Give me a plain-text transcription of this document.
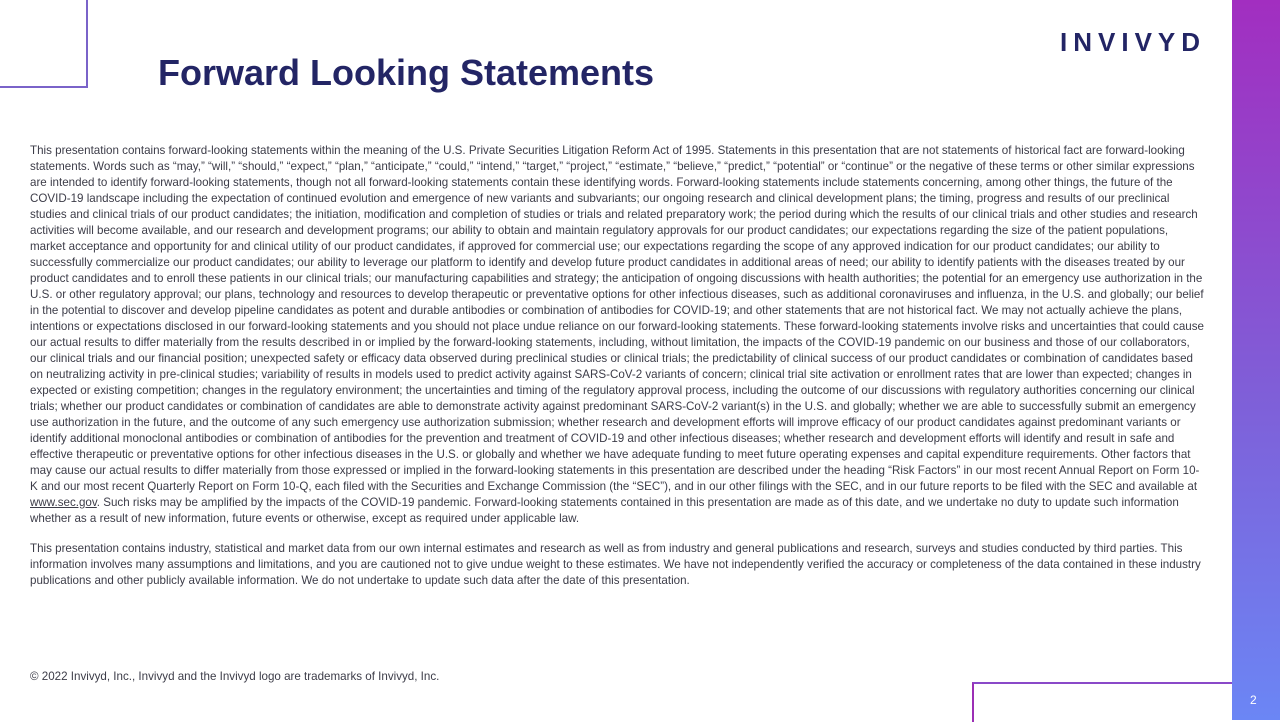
INVIVYD
Forward Looking Statements

This presentation contains forward-looking statements within the meaning of the U.S. Private Securities Litigation Reform Act of 1995. Statements in this presentation that are not statements of historical fact are forward-looking statements. Words such as “may,” “will,” “should,” “expect,” “plan,” “anticipate,” “could,” “intend,” “target,” “project,” “estimate,” “believe,” “predict,” “potential” or “continue” or the negative of these terms or other similar expressions are intended to identify forward-looking statements, though not all forward-looking statements contain these identifying words. Forward-looking statements include statements concerning, among other things, the future of the COVID-19 landscape including the expectation of continued evolution and emergence of new variants and subvariants; our ongoing research and clinical development plans; the timing, progress and results of our preclinical studies and clinical trials of our product candidates; the initiation, modification and completion of studies or trials and related preparatory work; the period during which the results of our clinical trials and other studies and research activities will become available, and our research and development programs; our ability to obtain and maintain regulatory approvals for our product candidates; our expectations regarding the size of the patient populations, market acceptance and opportunity for and clinical utility of our product candidates, if approved for commercial use; our expectations regarding the scope of any approved indication for our product candidates; our ability to successfully commercialize our product candidates; our ability to leverage our platform to identify and develop future product candidates in additional areas of need; our ability to identify patients with the diseases treated by our product candidates and to enroll these patients in our clinical trials; our manufacturing capabilities and strategy; the anticipation of ongoing discussions with health authorities; the potential for an emergency use authorization in the U.S. or other regulatory approval; our plans, technology and resources to develop therapeutic or preventative options for other infectious diseases, such as additional coronaviruses and influenza, in the U.S. and globally; our belief in the potential to discover and develop pipeline candidates as potent and durable antibodies or combination of antibodies for COVID-19; and other statements that are not historical fact. We may not actually achieve the plans, intentions or expectations disclosed in our forward-looking statements and you should not place undue reliance on our forward-looking statements. These forward-looking statements involve risks and uncertainties that could cause our actual results to differ materially from the results described in or implied by the forward-looking statements, including, without limitation, the impacts of the COVID-19 pandemic on our business and those of our collaborators, our clinical trials and our financial position; unexpected safety or efficacy data observed during preclinical studies or clinical trials; the predictability of clinical success of our product candidates or combination of candidates based on neutralizing activity in pre-clinical studies; variability of results in models used to predict activity against SARS-CoV-2 variants of concern; clinical trial site activation or enrollment rates that are lower than expected; changes in expected or existing competition; changes in the regulatory environment; the uncertainties and timing of the regulatory approval process, including the outcome of our discussions with regulatory authorities concerning our clinical trials; whether our product candidates or combination of candidates are able to demonstrate activity against predominant SARS-CoV-2 variant(s) in the U.S. and globally; whether we are able to successfully submit an emergency use authorization in the future, and the outcome of any such emergency use authorization submission; whether research and development efforts will improve efficacy of our product candidates against predominant variants or identify additional monoclonal antibodies or combination of antibodies for the prevention and treatment of COVID-19 and other infectious diseases; whether research and development efforts will identify and result in safe and effective therapeutic or preventative options for other infectious diseases in the U.S. or globally and whether we have adequate funding to meet future operating expenses and capital expenditure requirements. Other factors that may cause our actual results to differ materially from those expressed or implied in the forward-looking statements in this presentation are described under the heading “Risk Factors” in our most recent Annual Report on Form 10-K and our most recent Quarterly Report on Form 10-Q, each filed with the Securities and Exchange Commission (the “SEC”), and in our other filings with the SEC, and in our future reports to be filed with the SEC and available at www.sec.gov. Such risks may be amplified by the impacts of the COVID-19 pandemic. Forward-looking statements contained in this presentation are made as of this date, and we undertake no duty to update such information whether as a result of new information, future events or otherwise, except as required under applicable law.

This presentation contains industry, statistical and market data from our own internal estimates and research as well as from industry and general publications and research, surveys and studies conducted by third parties. This information involves many assumptions and limitations, and you are cautioned not to give undue weight to these estimates. We have not independently verified the accuracy or completeness of the data contained in these industry publications and other publicly available information. We do not undertake to update such data after the date of this presentation.

© 2022 Invivyd, Inc., Invivyd and the Invivyd logo are trademarks of Invivyd, Inc.
2
